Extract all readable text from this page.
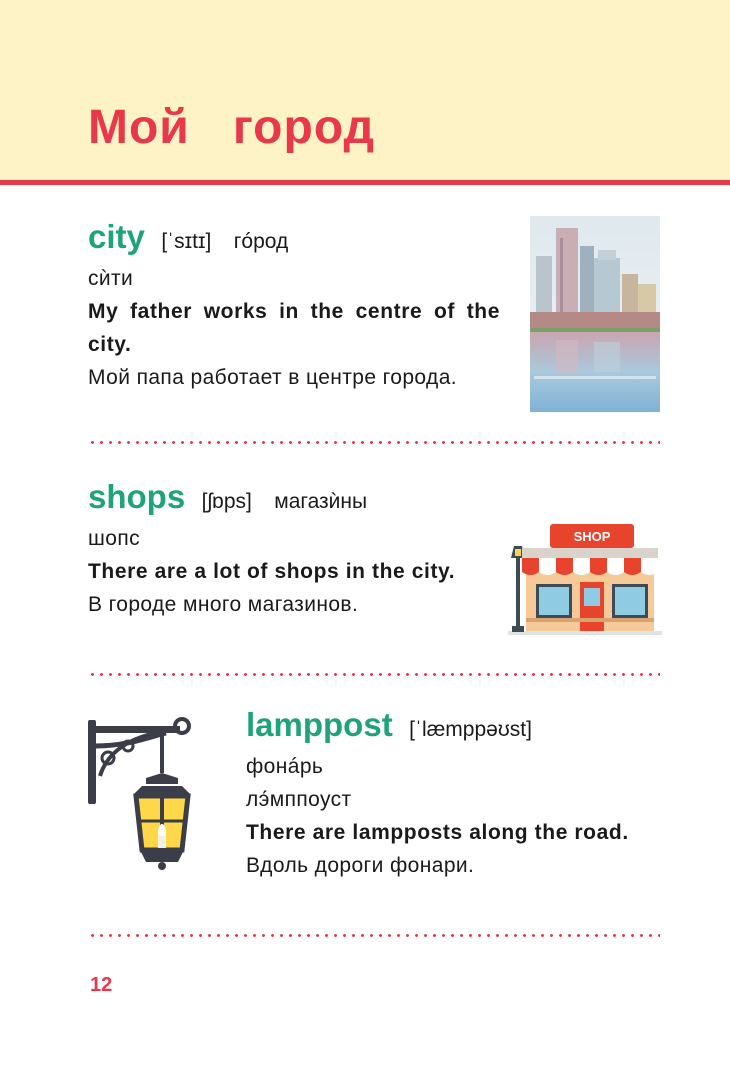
Мой   город
city [ˈsɪtɪ] гóрод
сѝти
My father works in the centre of the city.
Мой папа работает в центре города.
shops [ʃɒps] магазѝны
шопс
There are a lot of shops in the city.
В городе много магазинов.
SHOP
lamppost [ˈlæmppəʊst]
фонáрь
лэ́мппоуст
There are lampposts along the road.
Вдоль дороги фонари.
12
